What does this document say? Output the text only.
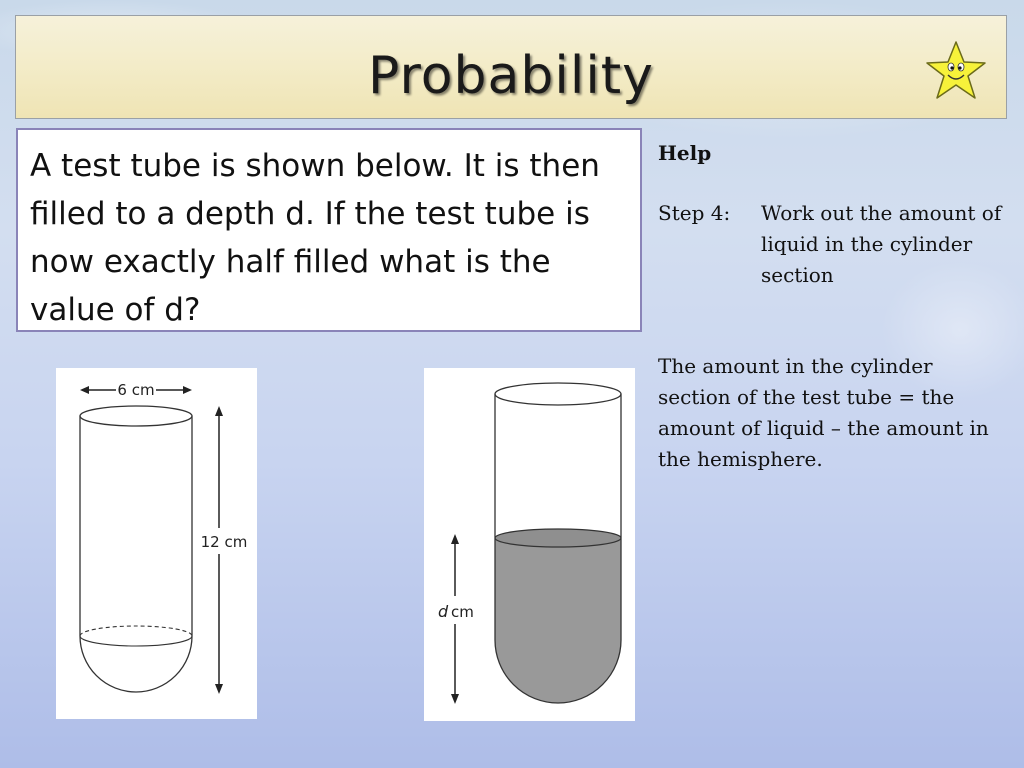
Probability
A test tube is shown below. It is then filled to a depth d. If the test tube is now exactly half filled what is the value of d?

Help

Step 4:	Work out the amount of liquid in the cylinder section
The amount in the cylinder section of the test tube = the amount of liquid – the amount in the hemisphere.
6 cm
12 cm
d cm
